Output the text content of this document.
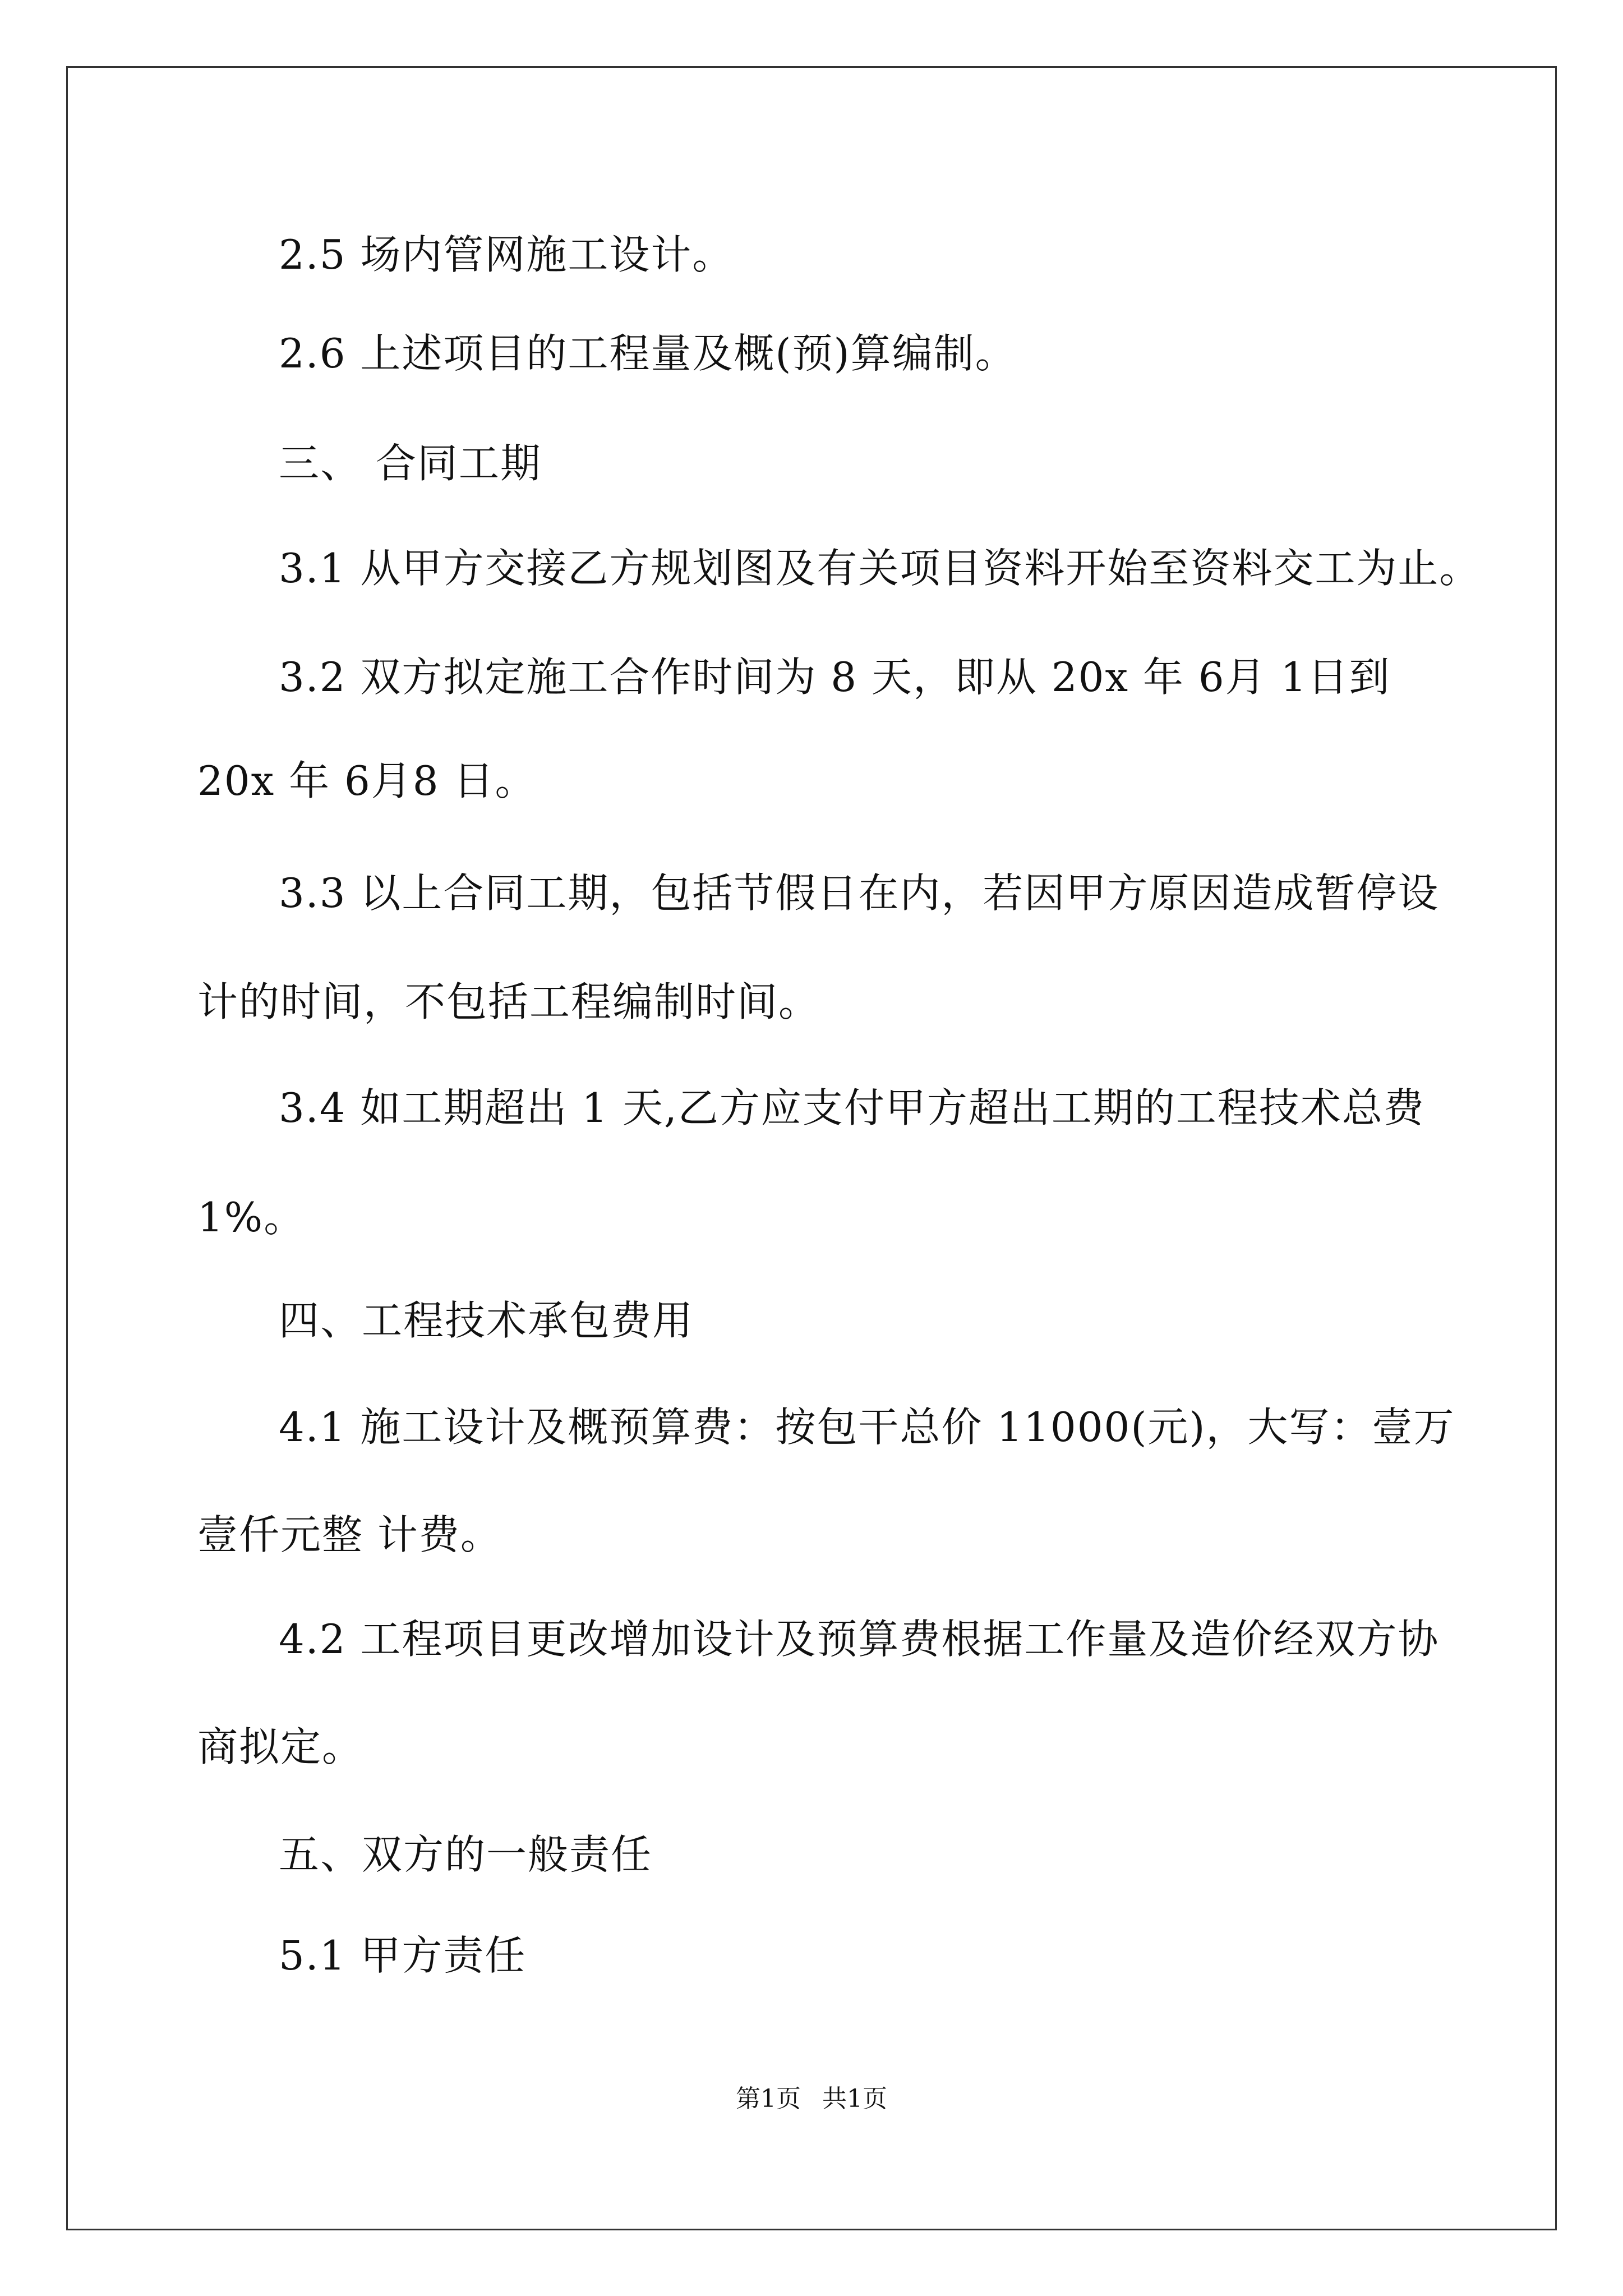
2.5 场内管网施工设计。
2.6 上述项目的工程量及概(预)算编制。
三、 合同工期
3.1 从甲方交接乙方规划图及有关项目资料开始至资料交工为止。
3.2 双方拟定施工合作时间为 8 天，即从 20x 年 6月 1日到
20x 年 6月8 日。
3.3 以上合同工期，包括节假日在内，若因甲方原因造成暂停设
计的时间，不包括工程编制时间。
3.4 如工期超出 1 天,乙方应支付甲方超出工期的工程技术总费
1%。
四、工程技术承包费用
4.1 施工设计及概预算费：按包干总价 11000(元)，大写：壹万
壹仟元整 计费。
4.2 工程项目更改增加设计及预算费根据工作量及造价经双方协
商拟定。
五、双方的一般责任
5.1 甲方责任
第1页 共1页
